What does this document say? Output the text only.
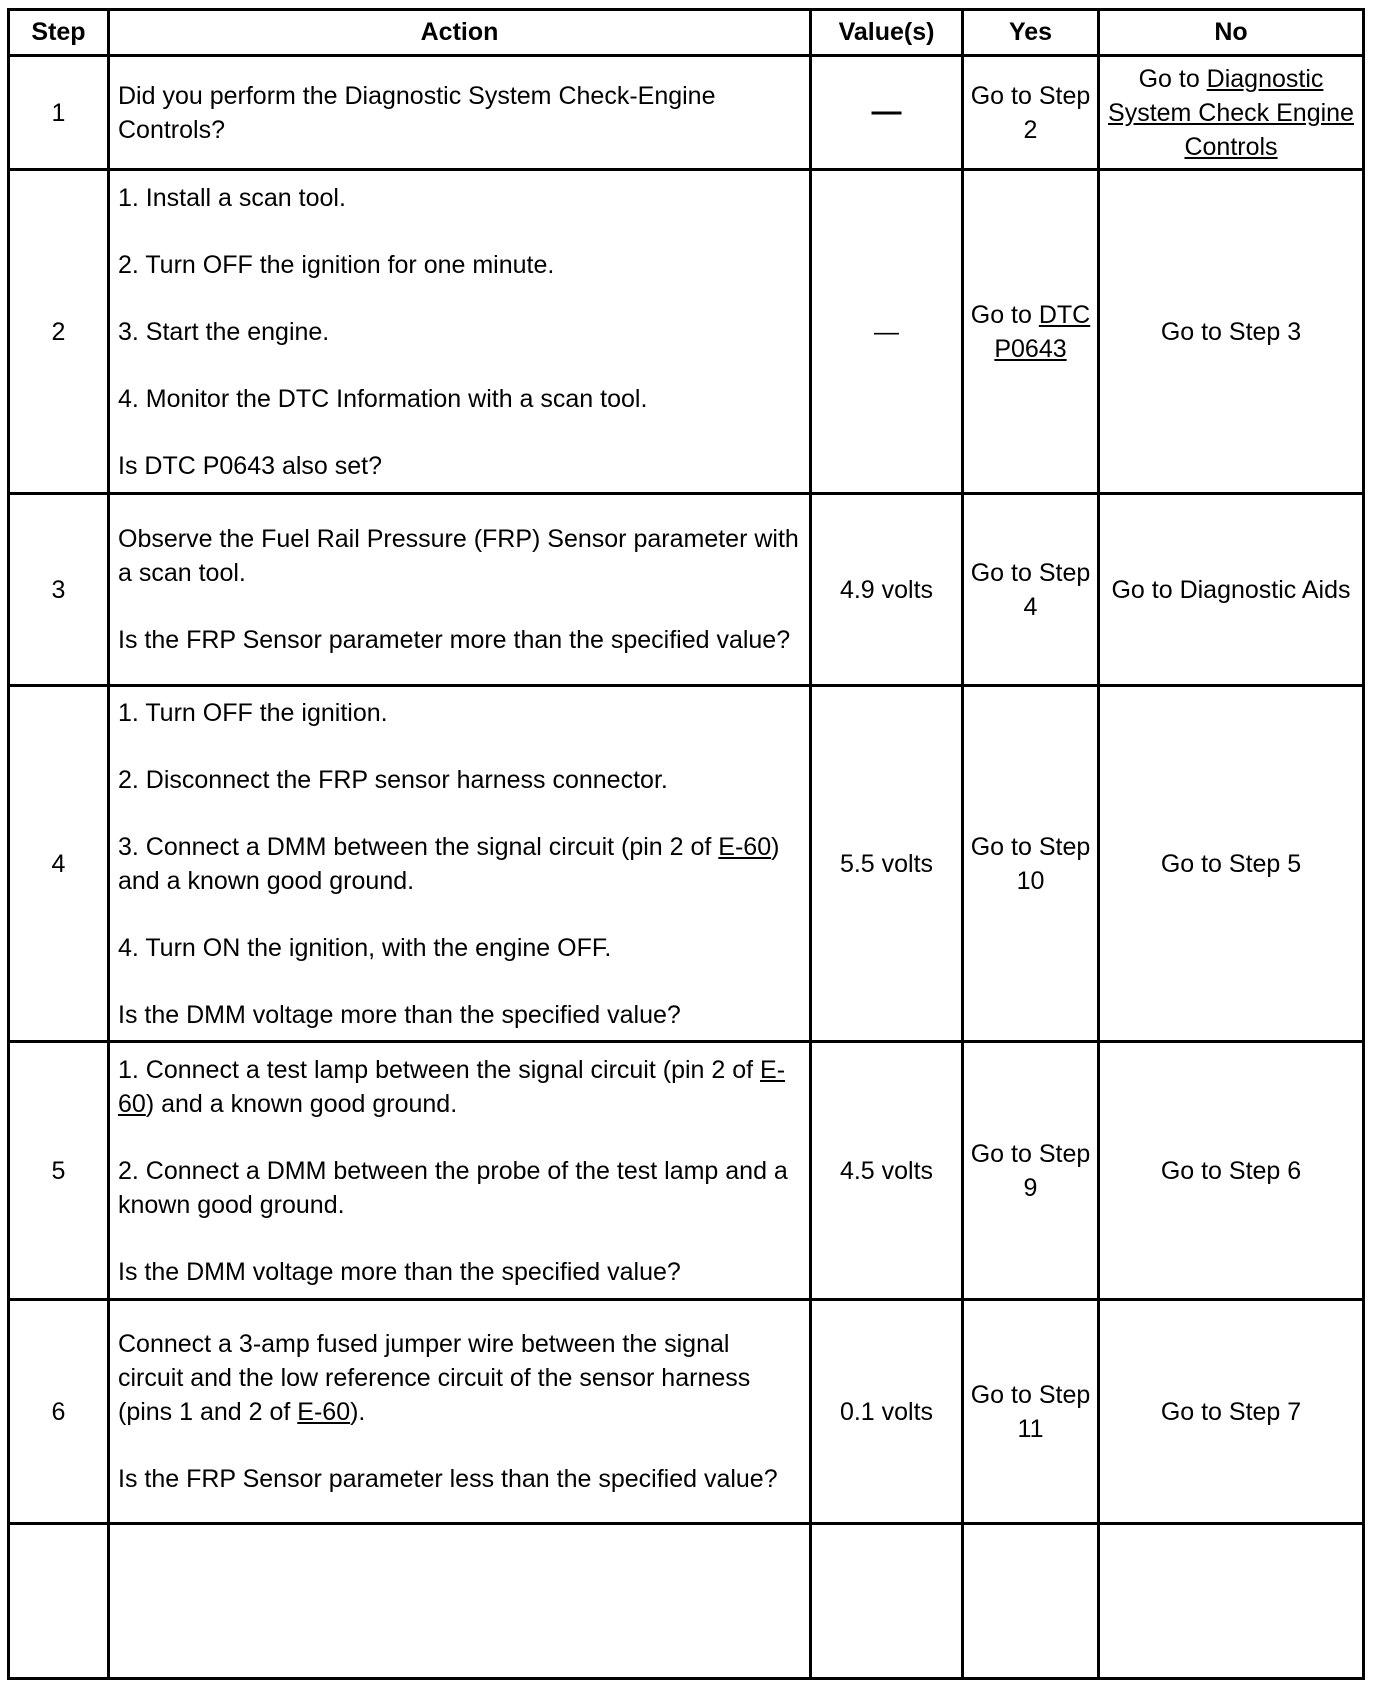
Step	Action	Value(s)	Yes	No
1	Did you perform the Diagnostic System Check-Engine Controls?	—	Go to Step 2	Go to Diagnostic System Check Engine Controls
2	1. Install a scan tool.
2. Turn OFF the ignition for one minute.
3. Start the engine.
4. Monitor the DTC Information with a scan tool.
Is DTC P0643 also set?	—	Go to DTC P0643	Go to Step 3
3	Observe the Fuel Rail Pressure (FRP) Sensor parameter with a scan tool.
Is the FRP Sensor parameter more than the specified value?	4.9 volts	Go to Step 4	Go to Diagnostic Aids
4	1. Turn OFF the ignition.
2. Disconnect the FRP sensor harness connector.
3. Connect a DMM between the signal circuit (pin 2 of E-60) and a known good ground.
4. Turn ON the ignition, with the engine OFF.
Is the DMM voltage more than the specified value?	5.5 volts	Go to Step 10	Go to Step 5
5	1. Connect a test lamp between the signal circuit (pin 2 of E-60) and a known good ground.
2. Connect a DMM between the probe of the test lamp and a known good ground.
Is the DMM voltage more than the specified value?	4.5 volts	Go to Step 9	Go to Step 6
6	Connect a 3-amp fused jumper wire between the signal circuit and the low reference circuit of the sensor harness (pins 1 and 2 of E-60).
Is the FRP Sensor parameter less than the specified value?	0.1 volts	Go to Step 11	Go to Step 7
